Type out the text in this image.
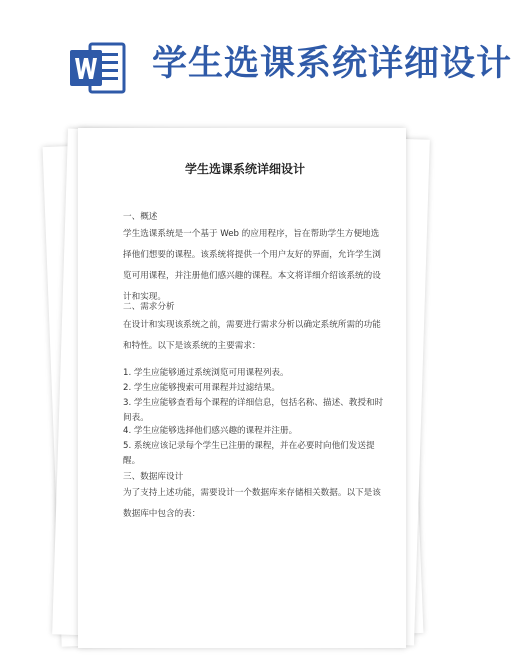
学生选课系统详细设计
学生选课系统详细设计
一、概述
学生选课系统是一个基于 Web 的应用程序，旨在帮助学生方便地选择他们想要的课程。该系统将提供一个用户友好的界面，允许学生浏览可用课程，并注册他们感兴趣的课程。本文将详细介绍该系统的设计和实现。
二、需求分析
在设计和实现该系统之前，需要进行需求分析以确定系统所需的功能和特性。以下是该系统的主要需求：
1. 学生应能够通过系统浏览可用课程列表。
2. 学生应能够搜索可用课程并过滤结果。
3. 学生应能够查看每个课程的详细信息，包括名称、描述、教授和时间表。
4. 学生应能够选择他们感兴趣的课程并注册。
5. 系统应该记录每个学生已注册的课程，并在必要时向他们发送提醒。
三、数据库设计
为了支持上述功能，需要设计一个数据库来存储相关数据。以下是该数据库中包含的表：
